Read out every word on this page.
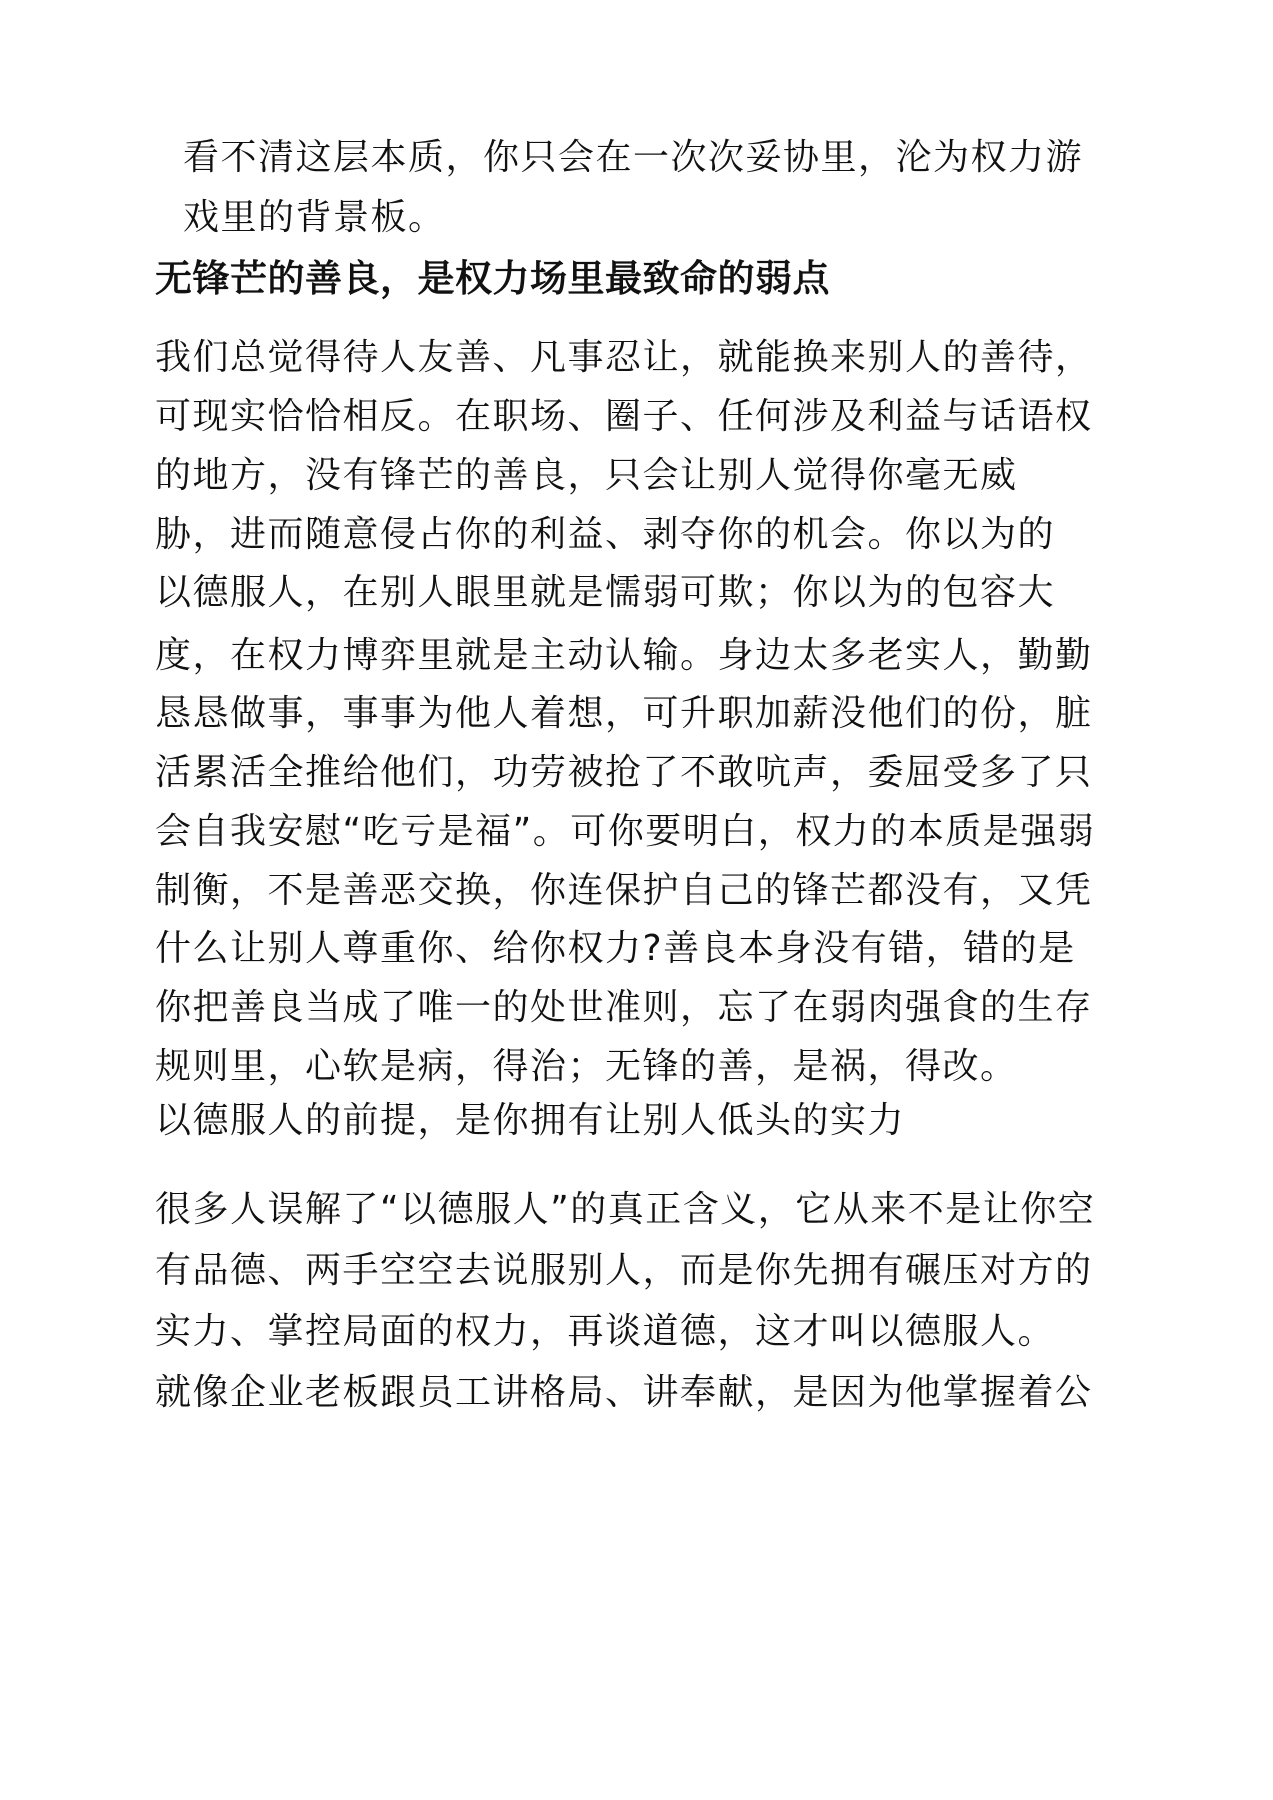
看不清这层本质，你只会在一次次妥协里，沦为权力游
戏里的背景板。
无锋芒的善良，是权力场里最致命的弱点
我们总觉得待人友善、凡事忍让，就能换来别人的善待，
可现实恰恰相反。在职场、圈子、任何涉及利益与话语权
的地方，没有锋芒的善良，只会让别人觉得你毫无威
胁，进而随意侵占你的利益、剥夺你的机会。你以为的
以德服人，在别人眼里就是懦弱可欺；你以为的包容大
度，在权力博弈里就是主动认输。身边太多老实人，勤勤
恳恳做事，事事为他人着想，可升职加薪没他们的份，脏
活累活全推给他们，功劳被抢了不敢吭声，委屈受多了只
会自我安慰“吃亏是福”。可你要明白，权力的本质是强弱
制衡，不是善恶交换，你连保护自己的锋芒都没有，又凭
什么让别人尊重你、给你权力?善良本身没有错，错的是
你把善良当成了唯一的处世准则，忘了在弱肉强食的生存
规则里，心软是病，得治；无锋的善，是祸，得改。
以德服人的前提，是你拥有让别人低头的实力
很多人误解了“以德服人”的真正含义，它从来不是让你空
有品德、两手空空去说服别人，而是你先拥有碾压对方的
实力、掌控局面的权力，再谈道德，这才叫以德服人。
就像企业老板跟员工讲格局、讲奉献，是因为他掌握着公
